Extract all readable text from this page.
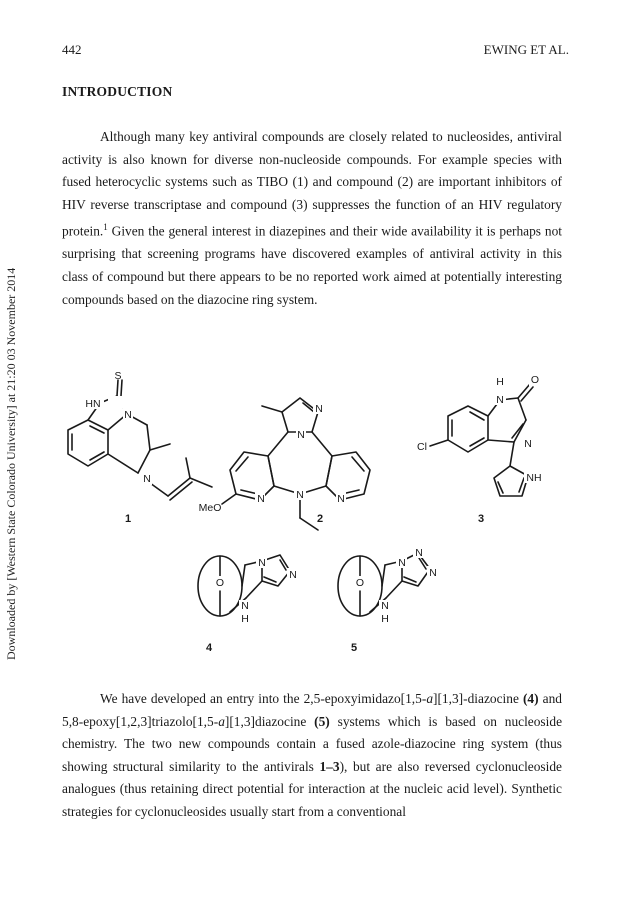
Downloaded by [Western State Colorado University] at 21:20 03 November 2014
442	EWING ET AL.
INTRODUCTION

Although many key antiviral compounds are closely related to nucleosides, antiviral activity is also known for diverse non-nucleoside compounds. For example species with fused heterocyclic systems such as TIBO (1) and compound (2) are important inhibitors of HIV reverse transcriptase and compound (3) suppresses the function of an HIV regulatory protein.$^1$ Given the general interest in diazepines and their wide availability it is perhaps not surprising that screening programs have discovered examples of antiviral activity in this class of compound but there appears to be no reported work aimed at potentially interesting compounds based on the diazocine ring system.

S
HN
N
N
N
N
N	N
N
MeO
H
N
O
N
Cl
NH
O
N
N
N
H
O
N
N
N
N
H
1	2	3
4	5

We have developed an entry into the 2,5-epoxyimidazo[1,5-a][1,3]-diazocine (4) and 5,8-epoxy[1,2,3]triazolo[1,5-a][1,3]diazocine (5) systems which is based on nucleoside chemistry. The two new compounds contain a fused azole-diazocine ring system (thus showing structural similarity to the antivirals 1–3), but are also reversed cyclonucleoside analogues (thus retaining direct potential for interaction at the nucleic acid level). Synthetic strategies for cyclonucleosides usually start from a conventional
